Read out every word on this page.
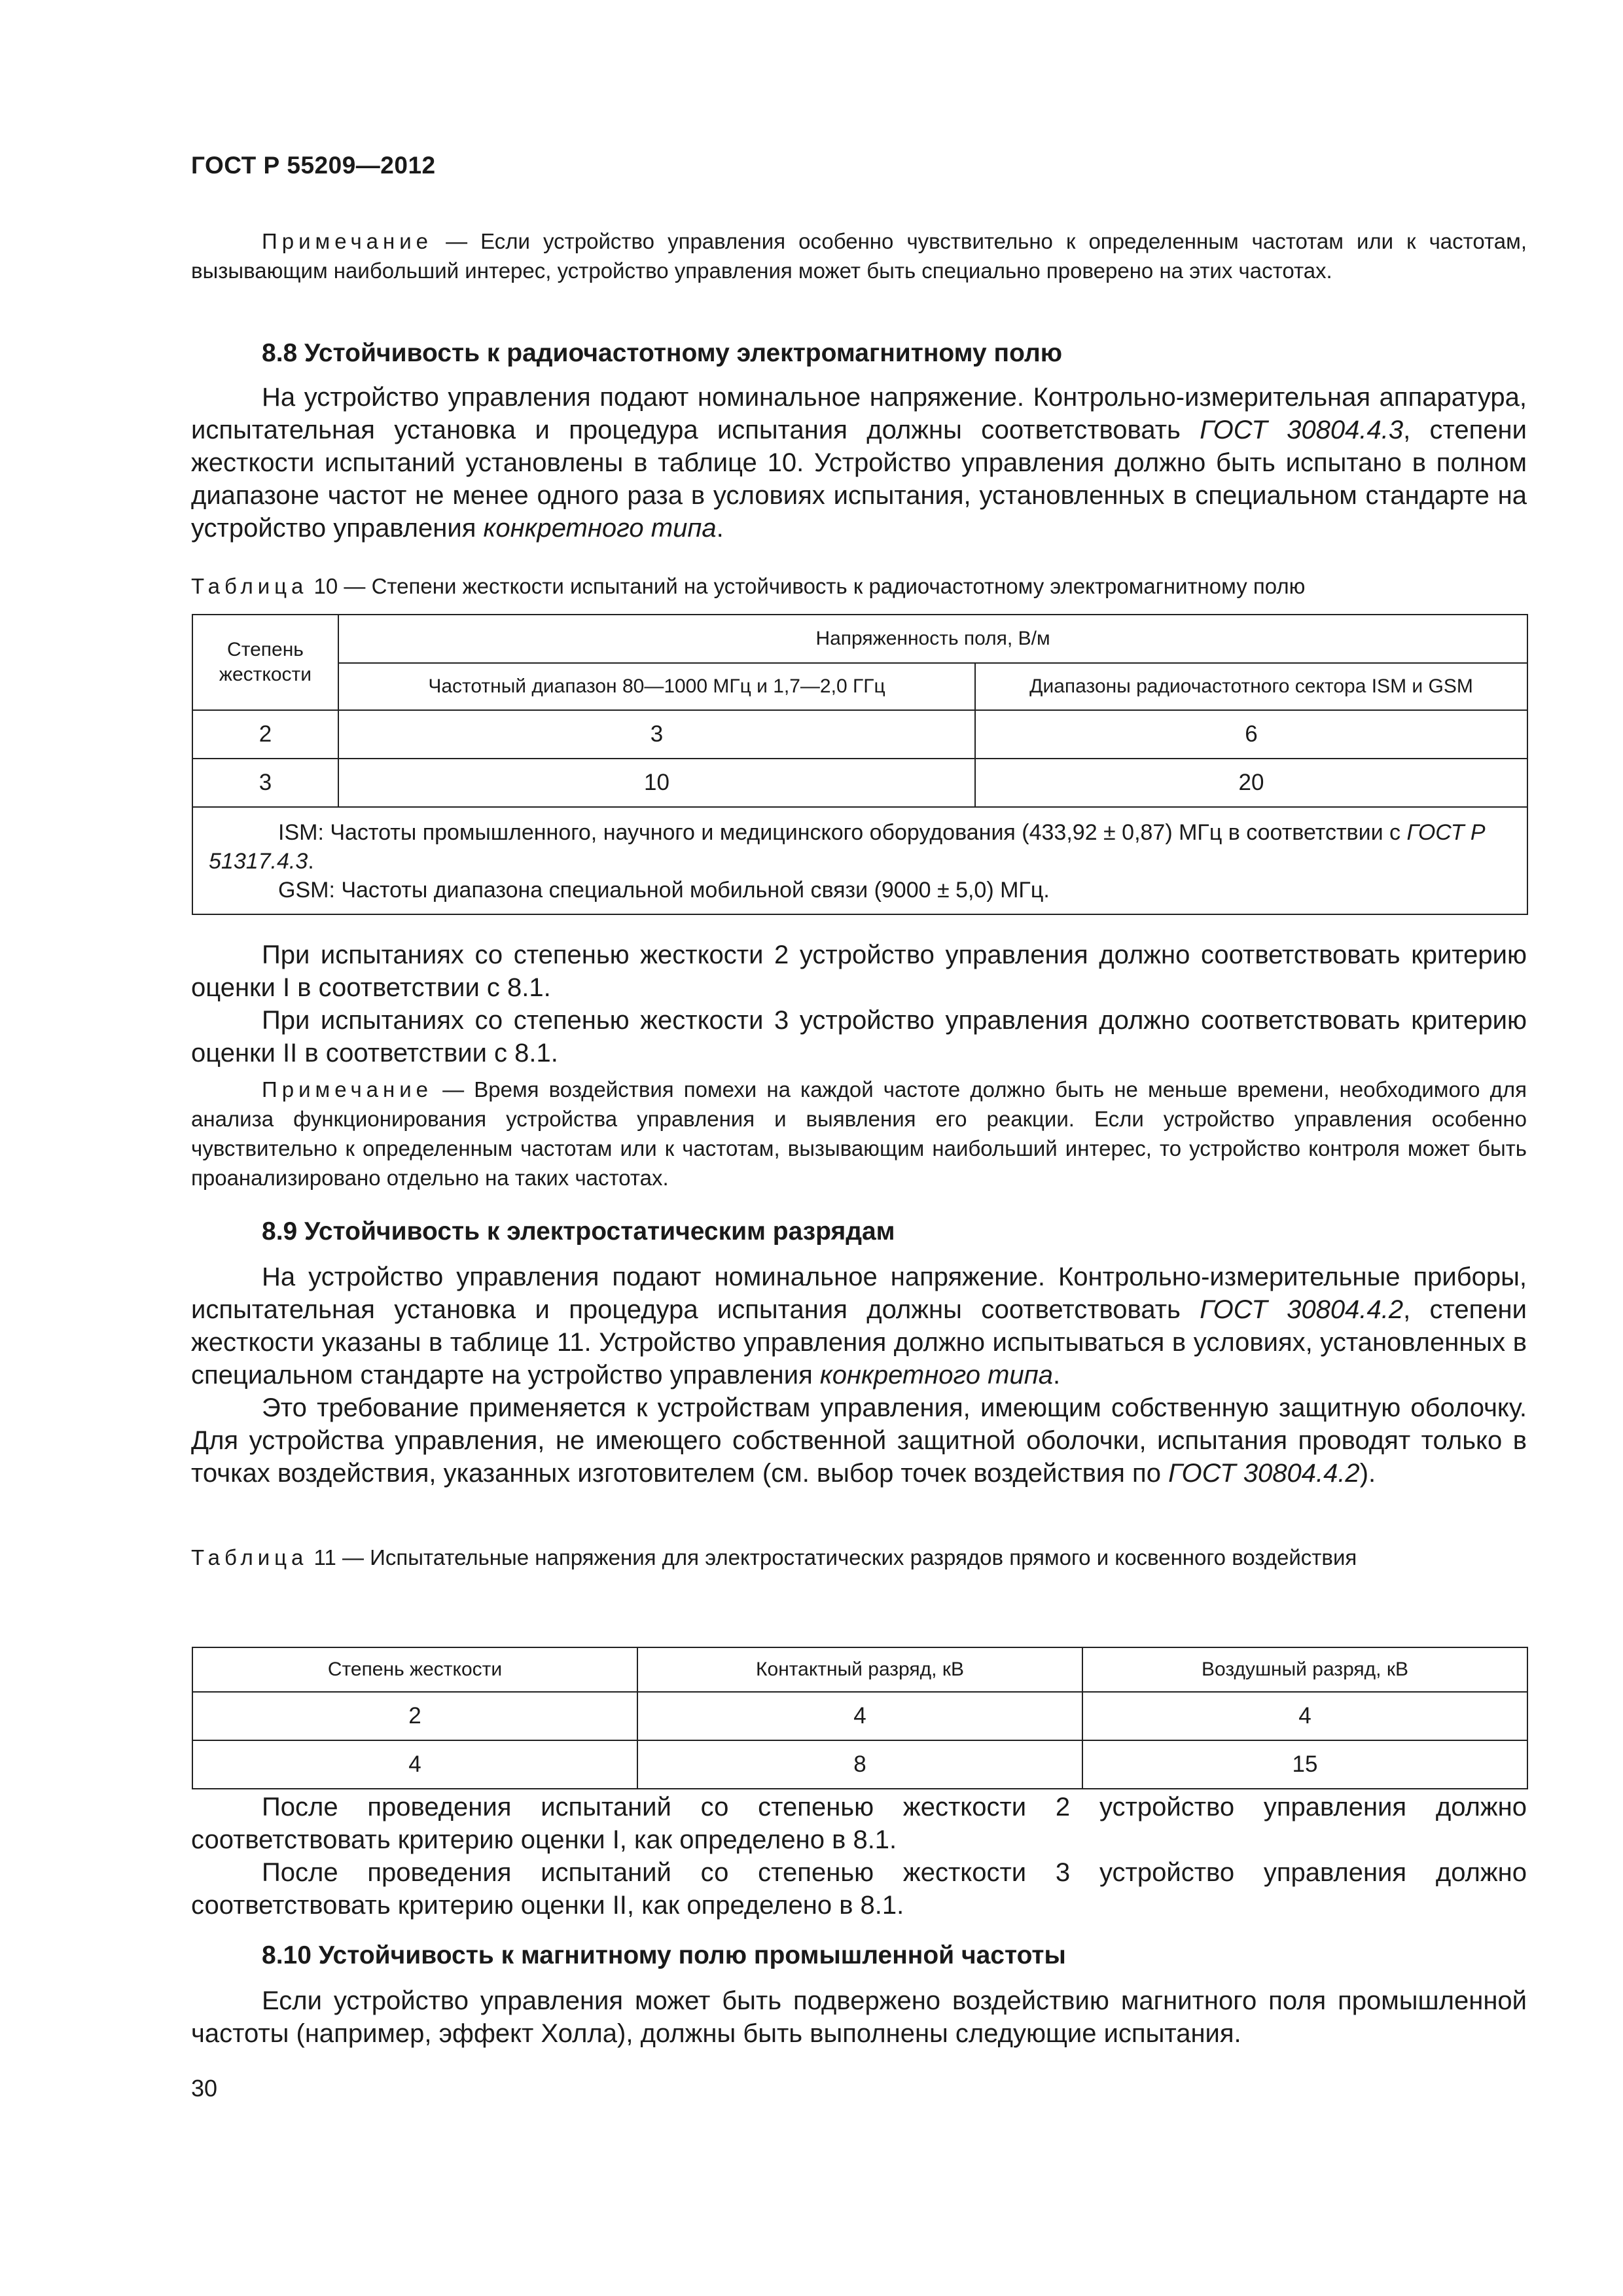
ГОСТ Р 55209—2012
Примечание — Если устройство управления особенно чувствительно к определенным частотам или к частотам, вызывающим наибольший интерес, устройство управления может быть специально проверено на этих частотах.
8.8 Устойчивость к радиочастотному электромагнитному полю

На устройство управления подают номинальное напряжение. Контрольно-измерительная аппаратура, испытательная установка и процедура испытания должны соответствовать ГОСТ 30804.4.3, степени жесткости испытаний установлены в таблице 10. Устройство управления должно быть испытано в полном диапазоне частот не менее одного раза в условиях испытания, установленных в специальном стандарте на устройство управления конкретного типа.

Таблица 10 — Степени жесткости испытаний на устойчивость к радиочастотному электромагнитному полю
Степень жесткости	Напряженность поля, В/м	
	Частотный диапазон 80—1000 МГц и 1,7—2,0 ГГц	Диапазоны радиочастотного сектора ISM и GSM
2	3	6
3	10	20

ISM: Частоты промышленного, научного и медицинского оборудования (433,92 ± 0,87) МГц в соответствии с ГОСТ Р 51317.4.3.
GSM: Частоты диапазона специальной мобильной связи (9000 ± 5,0) МГц.		

При испытаниях со степенью жесткости 2 устройство управления должно соответствовать критерию оценки I в соответствии с 8.1.

При испытаниях со степенью жесткости 3 устройство управления должно соответствовать критерию оценки II в соответствии с 8.1.

Примечание — Время воздействия помехи на каждой частоте должно быть не меньше времени, необходимого для анализа функционирования устройства управления и выявления его реакции. Если устройство управления особенно чувствительно к определенным частотам или к частотам, вызывающим наибольший интерес, то устройство контроля может быть проанализировано отдельно на таких частотах.
8.9 Устойчивость к электростатическим разрядам

На устройство управления подают номинальное напряжение. Контрольно-измерительные приборы, испытательная установка и процедура испытания должны соответствовать ГОСТ 30804.4.2, степени жесткости указаны в таблице 11. Устройство управления должно испытываться в условиях, установленных в специальном стандарте на устройство управления конкретного типа.

Это требование применяется к устройствам управления, имеющим собственную защитную оболочку. Для устройства управления, не имеющего собственной защитной оболочки, испытания проводят только в точках воздействия, указанных изготовителем (см. выбор точек воздействия по ГОСТ 30804.4.2).

Таблица 11 — Испытательные напряжения для электростатических разрядов прямого и косвенного воздействия
Степень жесткости	Контактный разряд, кВ	Воздушный разряд, кВ
2	4	4
4	8	15

После проведения испытаний со степенью жесткости 2 устройство управления должно соответствовать критерию оценки I, как определено в 8.1.

После проведения испытаний со степенью жесткости 3 устройство управления должно соответствовать критерию оценки II, как определено в 8.1.

8.10 Устойчивость к магнитному полю промышленной частоты

Если устройство управления может быть подвержено воздействию магнитного поля промышленной частоты (например, эффект Холла), должны быть выполнены следующие испытания.

30
